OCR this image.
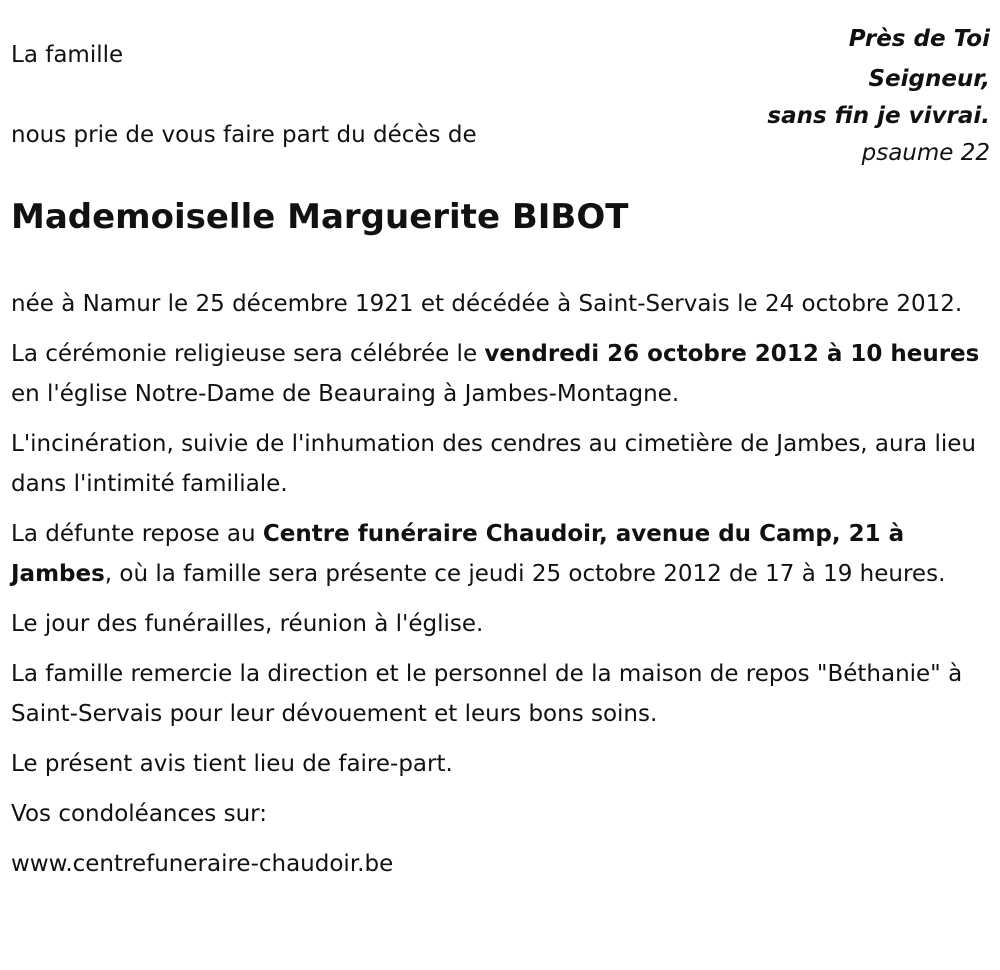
La famille

nous prie de vous faire part du décès de

Près de Toi

Seigneur,

sans fin je vivrai.

psaume 22

Mademoiselle Marguerite BIBOT

née à Namur le 25 décembre 1921 et décédée à Saint-Servais le 24 octobre 2012.

La cérémonie religieuse sera célébrée le vendredi 26 octobre 2012 à 10 heures en l'église Notre-Dame de Beauraing à Jambes-Montagne.

L'incinération, suivie de l'inhumation des cendres au cimetière de Jambes, aura lieu dans l'intimité familiale.

La défunte repose au Centre funéraire Chaudoir, avenue du Camp, 21 à Jambes, où la famille sera présente ce jeudi 25 octobre 2012 de 17 à 19 heures.

Le jour des funérailles, réunion à l'église.

La famille remercie la direction et le personnel de la maison de repos "Béthanie" à Saint-Servais pour leur dévouement et leurs bons soins.

Le présent avis tient lieu de faire-part.

Vos condoléances sur:

www.centrefuneraire-chaudoir.be
